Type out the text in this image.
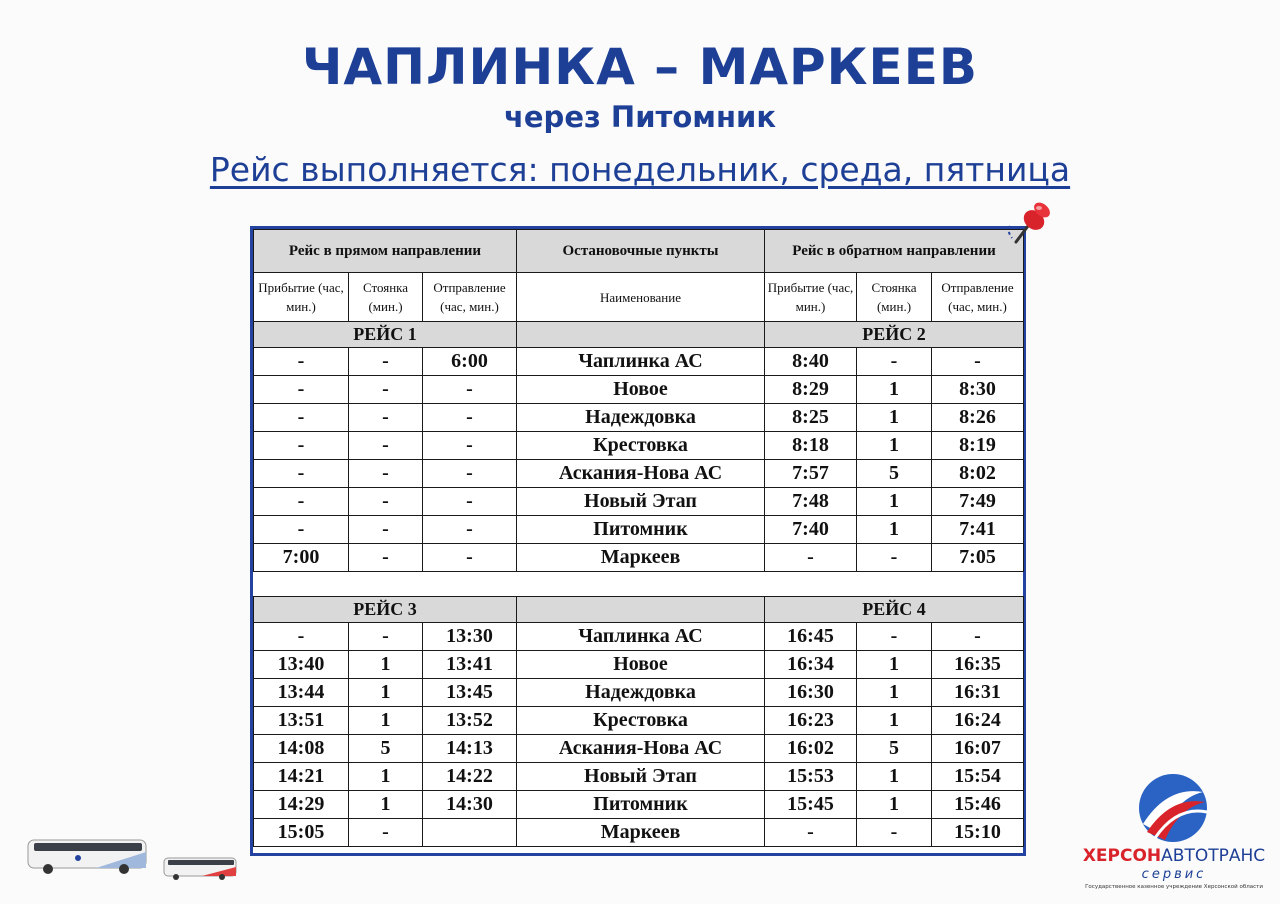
ЧАПЛИНКА – МАРКЕЕВ
через Питомник
Рейс выполняется: понедельник, среда, пятница
Рейс в прямом направлении			Остановочные пункты	Рейс в обратном направлении		
Прибытие (час, мин.)	Стоянка (мин.)	Отправление (час, мин.)	Наименование	Прибытие (час, мин.)	Стоянка (мин.)	Отправление (час, мин.)
РЕЙС 1				РЕЙС 2		
-	-	6:00	Чаплинка АС	8:40	-	-
-	-	-	Новое	8:29	1	8:30
-	-	-	Надеждовка	8:25	1	8:26
-	-	-	Крестовка	8:18	1	8:19
-	-	-	Аскания-Нова АС	7:57	5	8:02
-	-	-	Новый Этап	7:48	1	7:49
-	-	-	Питомник	7:40	1	7:41
7:00	-	-	Маркеев	-	-	7:05

РЕЙС 3				РЕЙС 4		
-	-	13:30	Чаплинка АС	16:45	-	-
13:40	1	13:41	Новое	16:34	1	16:35
13:44	1	13:45	Надеждовка	16:30	1	16:31
13:51	1	13:52	Крестовка	16:23	1	16:24
14:08	5	14:13	Аскания-Нова АС	16:02	5	16:07
14:21	1	14:22	Новый Этап	15:53	1	15:54
14:29	1	14:30	Питомник	15:45	1	15:46
15:05	-		Маркеев	-	-	15:10
ХЕРСОНАВТОТРАНС
сервис
Государственное казенное учреждение Херсонской области
